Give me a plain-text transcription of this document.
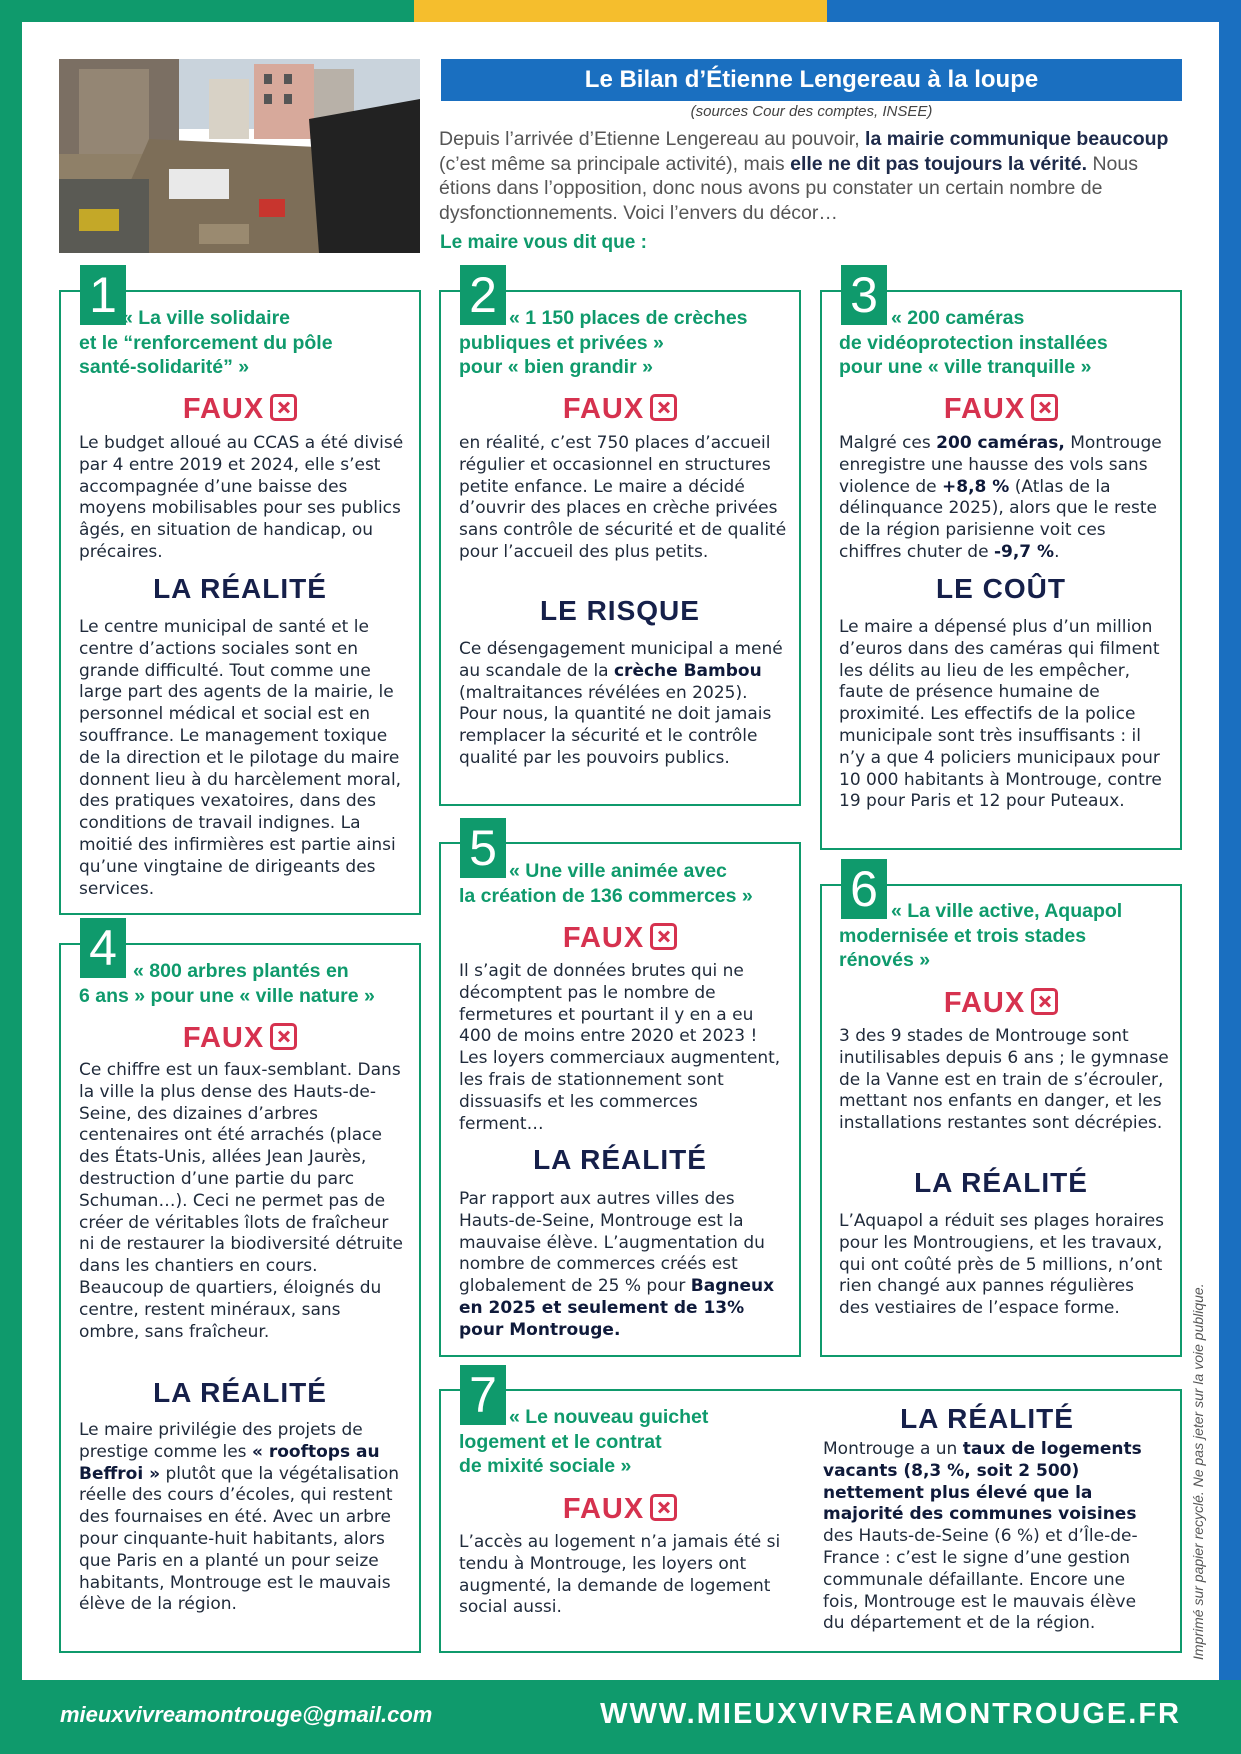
Le Bilan d’Étienne Lengereau à la loupe
(sources Cour des comptes, INSEE)
Depuis l’arrivée d’Etienne Lengereau au pouvoir, la mairie communique beaucoup (c’est même sa principale activité), mais elle ne dit pas toujours la vérité. Nous étions dans l’opposition, donc nous avons pu constater un certain nombre de dysfonctionnements. Voici l’envers du décor…
Le maire vous dit que :
1 « La ville solidaire
et le “renforcement du pôle
santé-solidarité” »
FAUX
Le budget alloué au CCAS a été divisé par 4 entre 2019 et 2024, elle s’est accompagnée d’une baisse des moyens mobilisables pour ses publics âgés, en situation de handicap, ou précaires.
LA RÉALITÉ
Le centre municipal de santé et le centre d’actions sociales sont en grande difficulté. Tout comme une large part des agents de la mairie, le personnel médical et social est en souffrance. Le management toxique de la direction et le pilotage du maire donnent lieu à du harcèlement moral, des pratiques vexatoires, dans des conditions de travail indignes. La moitié des infirmières est partie ainsi qu’une vingtaine de dirigeants des services.
2 « 1 150 places de crèches
publiques et privées »
pour « bien grandir »
FAUX
en réalité, c’est 750 places d’accueil régulier et occasionnel en structures petite enfance. Le maire a décidé d’ouvrir des places en crèche privées sans contrôle de sécurité et de qualité pour l’accueil des plus petits.
LE RISQUE
Ce désengagement municipal a mené au scandale de la crèche Bambou (maltraitances révélées en 2025). Pour nous, la quantité ne doit jamais remplacer la sécurité et le contrôle qualité par les pouvoirs publics.
3 « 200 caméras
de vidéoprotection installées
pour une « ville tranquille »
FAUX
Malgré ces 200 caméras, Montrouge enregistre une hausse des vols sans violence de +8,8 % (Atlas de la délinquance 2025), alors que le reste de la région parisienne voit ces chiffres chuter de -9,7 %.
LE COÛT
Le maire a dépensé plus d’un million d’euros dans des caméras qui filment les délits au lieu de les empêcher, faute de présence humaine de proximité. Les effectifs de la police municipale sont très insuffisants : il n’y a que 4 policiers municipaux pour 10 000 habitants à Montrouge, contre 19 pour Paris et 12 pour Puteaux.
4 « 800 arbres plantés en
6 ans » pour une « ville nature »
FAUX
Ce chiffre est un faux-semblant. Dans la ville la plus dense des Hauts-de-Seine, des dizaines d’arbres centenaires ont été arrachés (place des États-Unis, allées Jean Jaurès, destruction d’une partie du parc Schuman…). Ceci ne permet pas de créer de véritables îlots de fraîcheur ni de restaurer la biodiversité détruite dans les chantiers en cours. Beaucoup de quartiers, éloignés du centre, restent minéraux, sans ombre, sans fraîcheur.
LA RÉALITÉ
Le maire privilégie des projets de prestige comme les « rooftops au Beffroi » plutôt que la végétalisation réelle des cours d’écoles, qui restent des fournaises en été. Avec un arbre pour cinquante-huit habitants, alors que Paris en a planté un pour seize habitants, Montrouge est le mauvais élève de la région.
5 « Une ville animée avec
la création de 136 commerces »
FAUX
Il s’agit de données brutes qui ne décomptent pas le nombre de fermetures et pourtant il y en a eu 400 de moins entre 2020 et 2023 ! Les loyers commerciaux augmentent, les frais de stationnement sont dissuasifs et les commerces ferment…
LA RÉALITÉ
Par rapport aux autres villes des Hauts-de-Seine, Montrouge est la mauvaise élève. L’augmentation du nombre de commerces créés est globalement de 25 % pour Bagneux en 2025 et seulement de 13% pour Montrouge.
6 « La ville active, Aquapol
modernisée et trois stades
rénovés »
FAUX
3 des 9 stades de Montrouge sont inutilisables depuis 6 ans ; le gymnase de la Vanne est en train de s’écrouler, mettant nos enfants en danger, et les installations restantes sont décrépies.
LA RÉALITÉ
L’Aquapol a réduit ses plages horaires pour les Montrougiens, et les travaux, qui ont coûté près de 5 millions, n’ont rien changé aux pannes régulières des vestiaires de l’espace forme.
7 « Le nouveau guichet
logement et le contrat
de mixité sociale »
FAUX
L’accès au logement n’a jamais été si tendu à Montrouge, les loyers ont augmenté, la demande de logement social aussi.
LA RÉALITÉ
Montrouge a un taux de logements vacants (8,3 %, soit 2 500) nettement plus élevé que la majorité des communes voisines des Hauts-de-Seine (6 %) et d’Île-de-France : c’est le signe d’une gestion communale défaillante. Encore une fois, Montrouge est le mauvais élève du département et de la région.	Imprimé sur papier recyclé. Ne pas jeter sur la voie publique.
mieuxvivreamontrouge@gmail.com	WWW.MIEUXVIVREAMONTROUGE.FR
